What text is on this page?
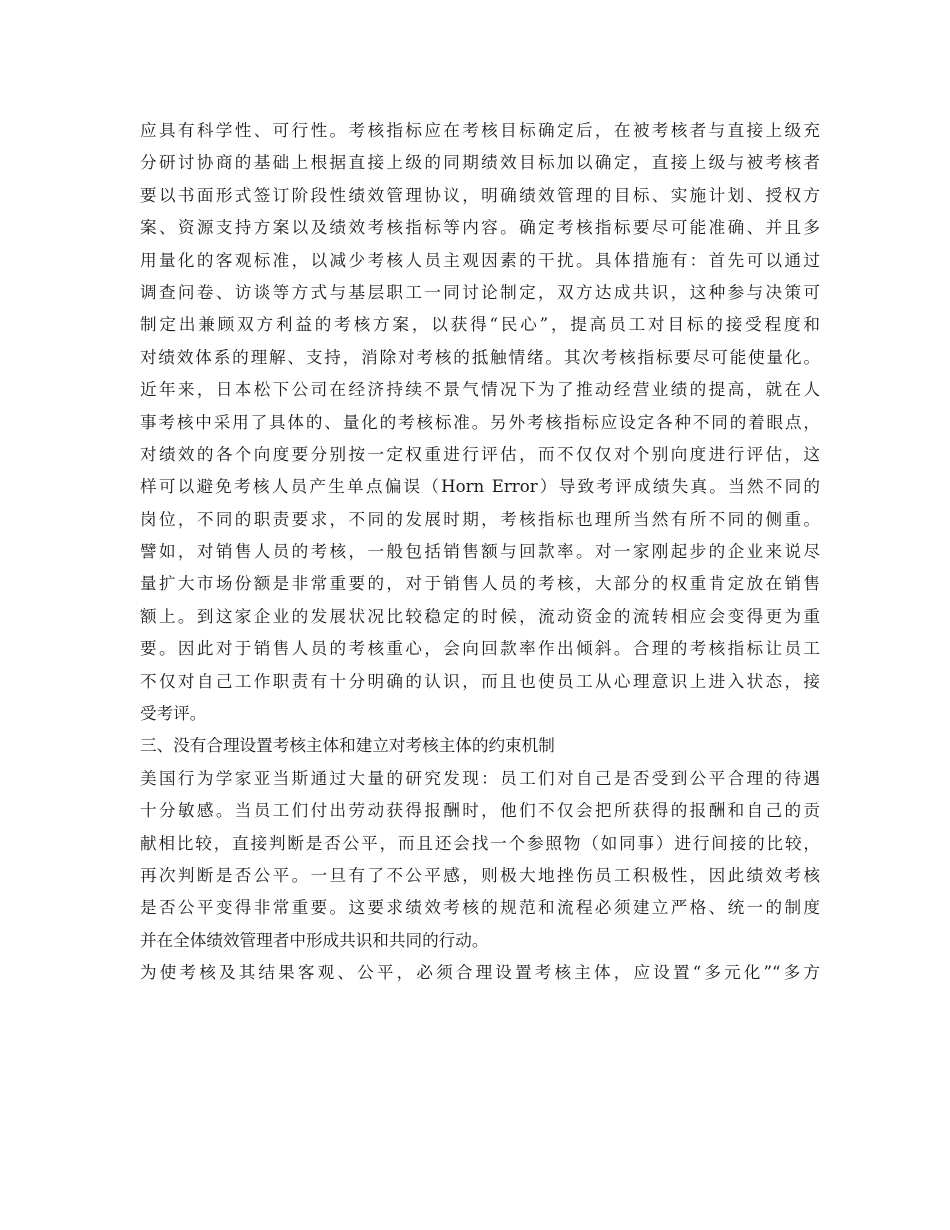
应具有科学性、可行性。考核指标应在考核目标确定后，在被考核者与直接上级充
分研讨协商的基础上根据直接上级的同期绩效目标加以确定，直接上级与被考核者
要以书面形式签订阶段性绩效管理协议，明确绩效管理的目标、实施计划、授权方
案、资源支持方案以及绩效考核指标等内容。确定考核指标要尽可能准确、并且多
用量化的客观标准，以减少考核人员主观因素的干扰。具体措施有：首先可以通过
调查问卷、访谈等方式与基层职工一同讨论制定，双方达成共识，这种参与决策可
制定出兼顾双方利益的考核方案，以获得“民心”，提高员工对目标的接受程度和
对绩效体系的理解、支持，消除对考核的抵触情绪。其次考核指标要尽可能使量化。
近年来，日本松下公司在经济持续不景气情况下为了推动经营业绩的提高，就在人
事考核中采用了具体的、量化的考核标准。另外考核指标应设定各种不同的着眼点，
对绩效的各个向度要分别按一定权重进行评估，而不仅仅对个别向度进行评估，这
样可以避免考核人员产生单点偏误（Horn Error）导致考评成绩失真。当然不同的
岗位，不同的职责要求，不同的发展时期，考核指标也理所当然有所不同的侧重。
譬如，对销售人员的考核，一般包括销售额与回款率。对一家刚起步的企业来说尽
量扩大市场份额是非常重要的，对于销售人员的考核，大部分的权重肯定放在销售
额上。到这家企业的发展状况比较稳定的时候，流动资金的流转相应会变得更为重
要。因此对于销售人员的考核重心，会向回款率作出倾斜。合理的考核指标让员工
不仅对自己工作职责有十分明确的认识，而且也使员工从心理意识上进入状态，接
受考评。
三、没有合理设置考核主体和建立对考核主体的约束机制
美国行为学家亚当斯通过大量的研究发现：员工们对自己是否受到公平合理的待遇
十分敏感。当员工们付出劳动获得报酬时，他们不仅会把所获得的报酬和自己的贡
献相比较，直接判断是否公平，而且还会找一个参照物（如同事）进行间接的比较，
再次判断是否公平。一旦有了不公平感，则极大地挫伤员工积极性，因此绩效考核
是否公平变得非常重要。这要求绩效考核的规范和流程必须建立严格、统一的制度
并在全体绩效管理者中形成共识和共同的行动。
为使考核及其结果客观、公平，必须合理设置考核主体，应设置“多元化”“多方
